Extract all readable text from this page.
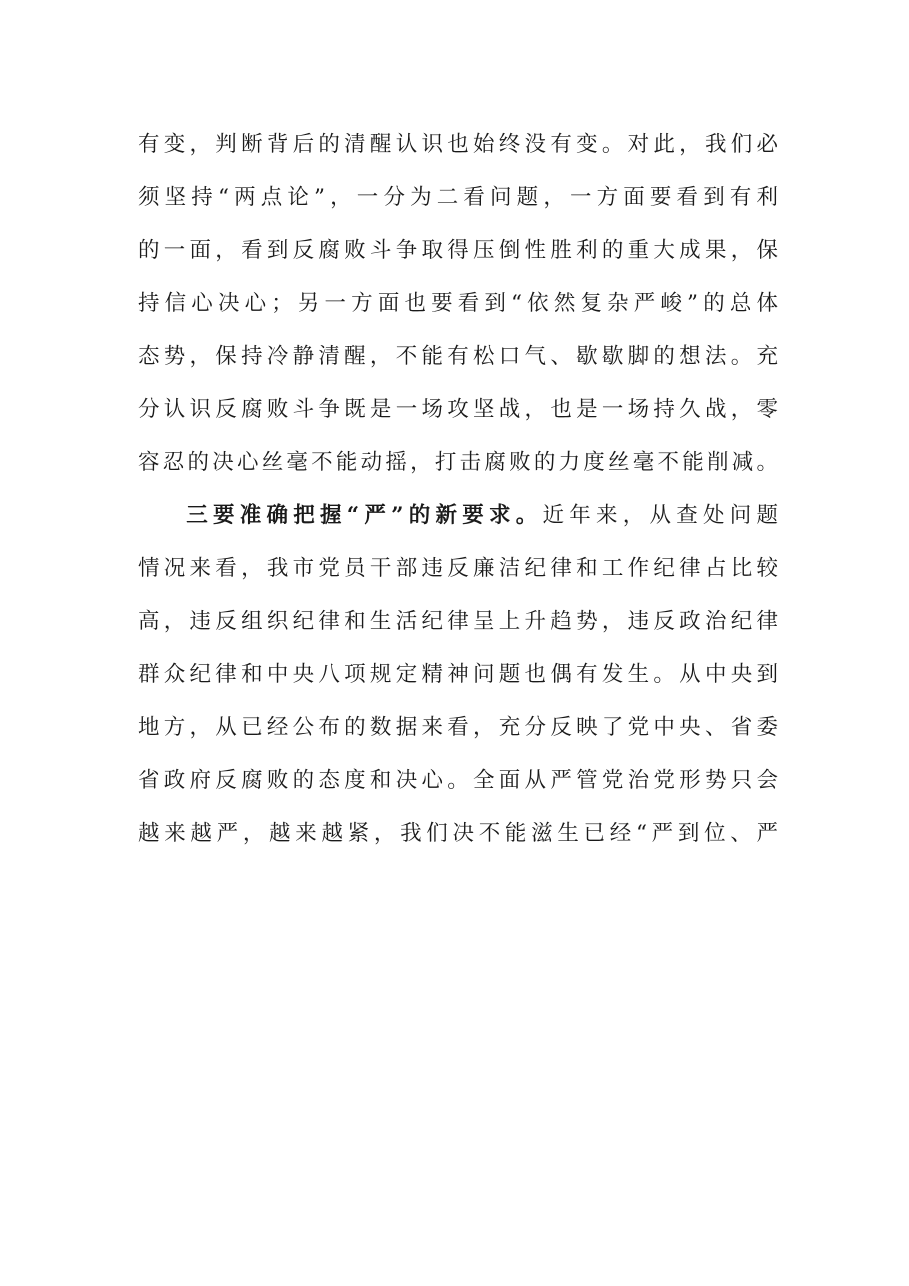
有变，判断背后的清醒认识也始终没有变。对此，我们必
须坚持“两点论”，一分为二看问题，一方面要看到有利
的一面，看到反腐败斗争取得压倒性胜利的重大成果，保
持信心决心；另一方面也要看到“依然复杂严峻”的总体
态势，保持冷静清醒，不能有松口气、歇歇脚的想法。充
分认识反腐败斗争既是一场攻坚战，也是一场持久战，零
容忍的决心丝毫不能动摇，打击腐败的力度丝毫不能削减。
三要准确把握“严”的新要求。近年来，从查处问题
情况来看，我市党员干部违反廉洁纪律和工作纪律占比较
高，违反组织纪律和生活纪律呈上升趋势，违反政治纪律
群众纪律和中央八项规定精神问题也偶有发生。从中央到
地方，从已经公布的数据来看，充分反映了党中央、省委
省政府反腐败的态度和决心。全面从严管党治党形势只会
越来越严，越来越紧，我们决不能滋生已经“严到位、严
